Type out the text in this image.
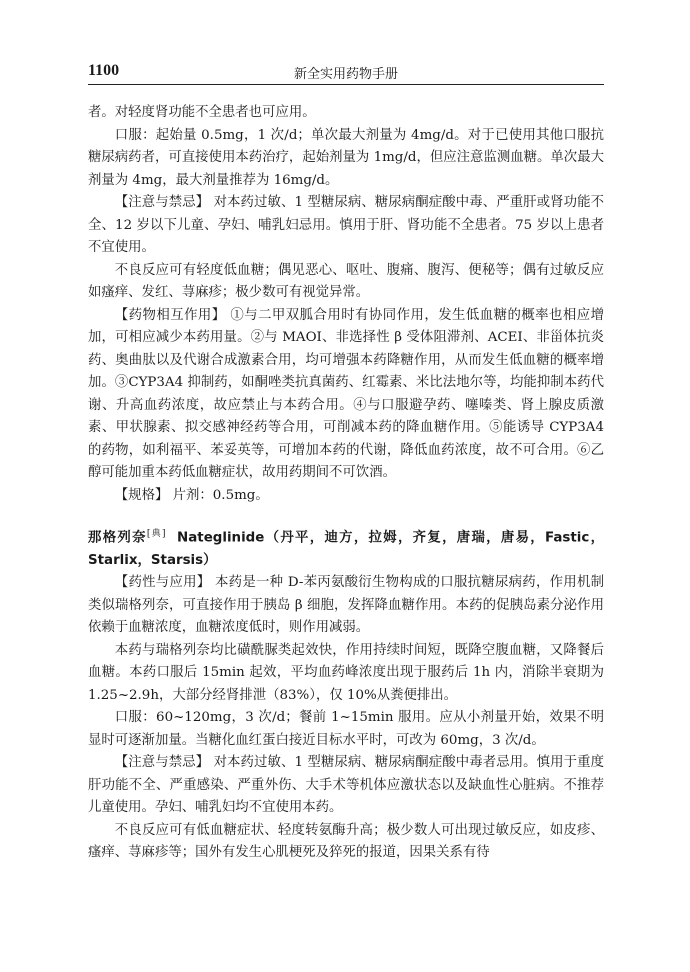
1100	新全实用药物手册

者。对轻度肾功能不全患者也可应用。

口服：起始量 0.5mg，1 次/d；单次最大剂量为 4mg/d。对于已使用其他口服抗糖尿病药者，可直接使用本药治疗，起始剂量为 1mg/d，但应注意监测血糖。单次最大剂量为 4mg，最大剂量推荐为 16mg/d。

【注意与禁忌】 对本药过敏、1 型糖尿病、糖尿病酮症酸中毒、严重肝或肾功能不全、12 岁以下儿童、孕妇、哺乳妇忌用。慎用于肝、肾功能不全患者。75 岁以上患者不宜使用。

不良反应可有轻度低血糖；偶见恶心、呕吐、腹痛、腹泻、便秘等；偶有过敏反应如瘙痒、发红、荨麻疹；极少数可有视觉异常。

【药物相互作用】 ①与二甲双胍合用时有协同作用，发生低血糖的概率也相应增加，可相应减少本药用量。②与 MAOI、非选择性 β 受体阻滞剂、ACEI、非甾体抗炎药、奥曲肽以及代谢合成激素合用，均可增强本药降糖作用，从而发生低血糖的概率增加。③CYP3A4 抑制药，如酮唑类抗真菌药、红霉素、米比法地尔等，均能抑制本药代谢、升高血药浓度，故应禁止与本药合用。④与口服避孕药、噻嗪类、肾上腺皮质激素、甲状腺素、拟交感神经药等合用，可削减本药的降血糖作用。⑤能诱导 CYP3A4 的药物，如利福平、苯妥英等，可增加本药的代谢，降低血药浓度，故不可合用。⑥乙醇可能加重本药低血糖症状，故用药期间不可饮酒。

【规格】 片剂：0.5mg。

那格列奈[典] Nateglinide（丹平，迪方，拉姆，齐复，唐瑞，唐易，Fastic，Starlix，Starsis）

【药性与应用】 本药是一种 D-苯丙氨酸衍生物构成的口服抗糖尿病药，作用机制类似瑞格列奈，可直接作用于胰岛 β 细胞，发挥降血糖作用。本药的促胰岛素分泌作用依赖于血糖浓度，血糖浓度低时，则作用减弱。

本药与瑞格列奈均比磺酰脲类起效快，作用持续时间短，既降空腹血糖，又降餐后血糖。本药口服后 15min 起效，平均血药峰浓度出现于服药后 1h 内，消除半衰期为 1.25~2.9h，大部分经肾排泄（83%），仅 10%从粪便排出。

口服：60~120mg，3 次/d；餐前 1~15min 服用。应从小剂量开始，效果不明显时可逐渐加量。当糖化血红蛋白接近目标水平时，可改为 60mg，3 次/d。

【注意与禁忌】 对本药过敏、1 型糖尿病、糖尿病酮症酸中毒者忌用。慎用于重度肝功能不全、严重感染、严重外伤、大手术等机体应激状态以及缺血性心脏病。不推荐儿童使用。孕妇、哺乳妇均不宜使用本药。

不良反应可有低血糖症状、轻度转氨酶升高；极少数人可出现过敏反应，如皮疹、瘙痒、荨麻疹等；国外有发生心肌梗死及猝死的报道，因果关系有待
